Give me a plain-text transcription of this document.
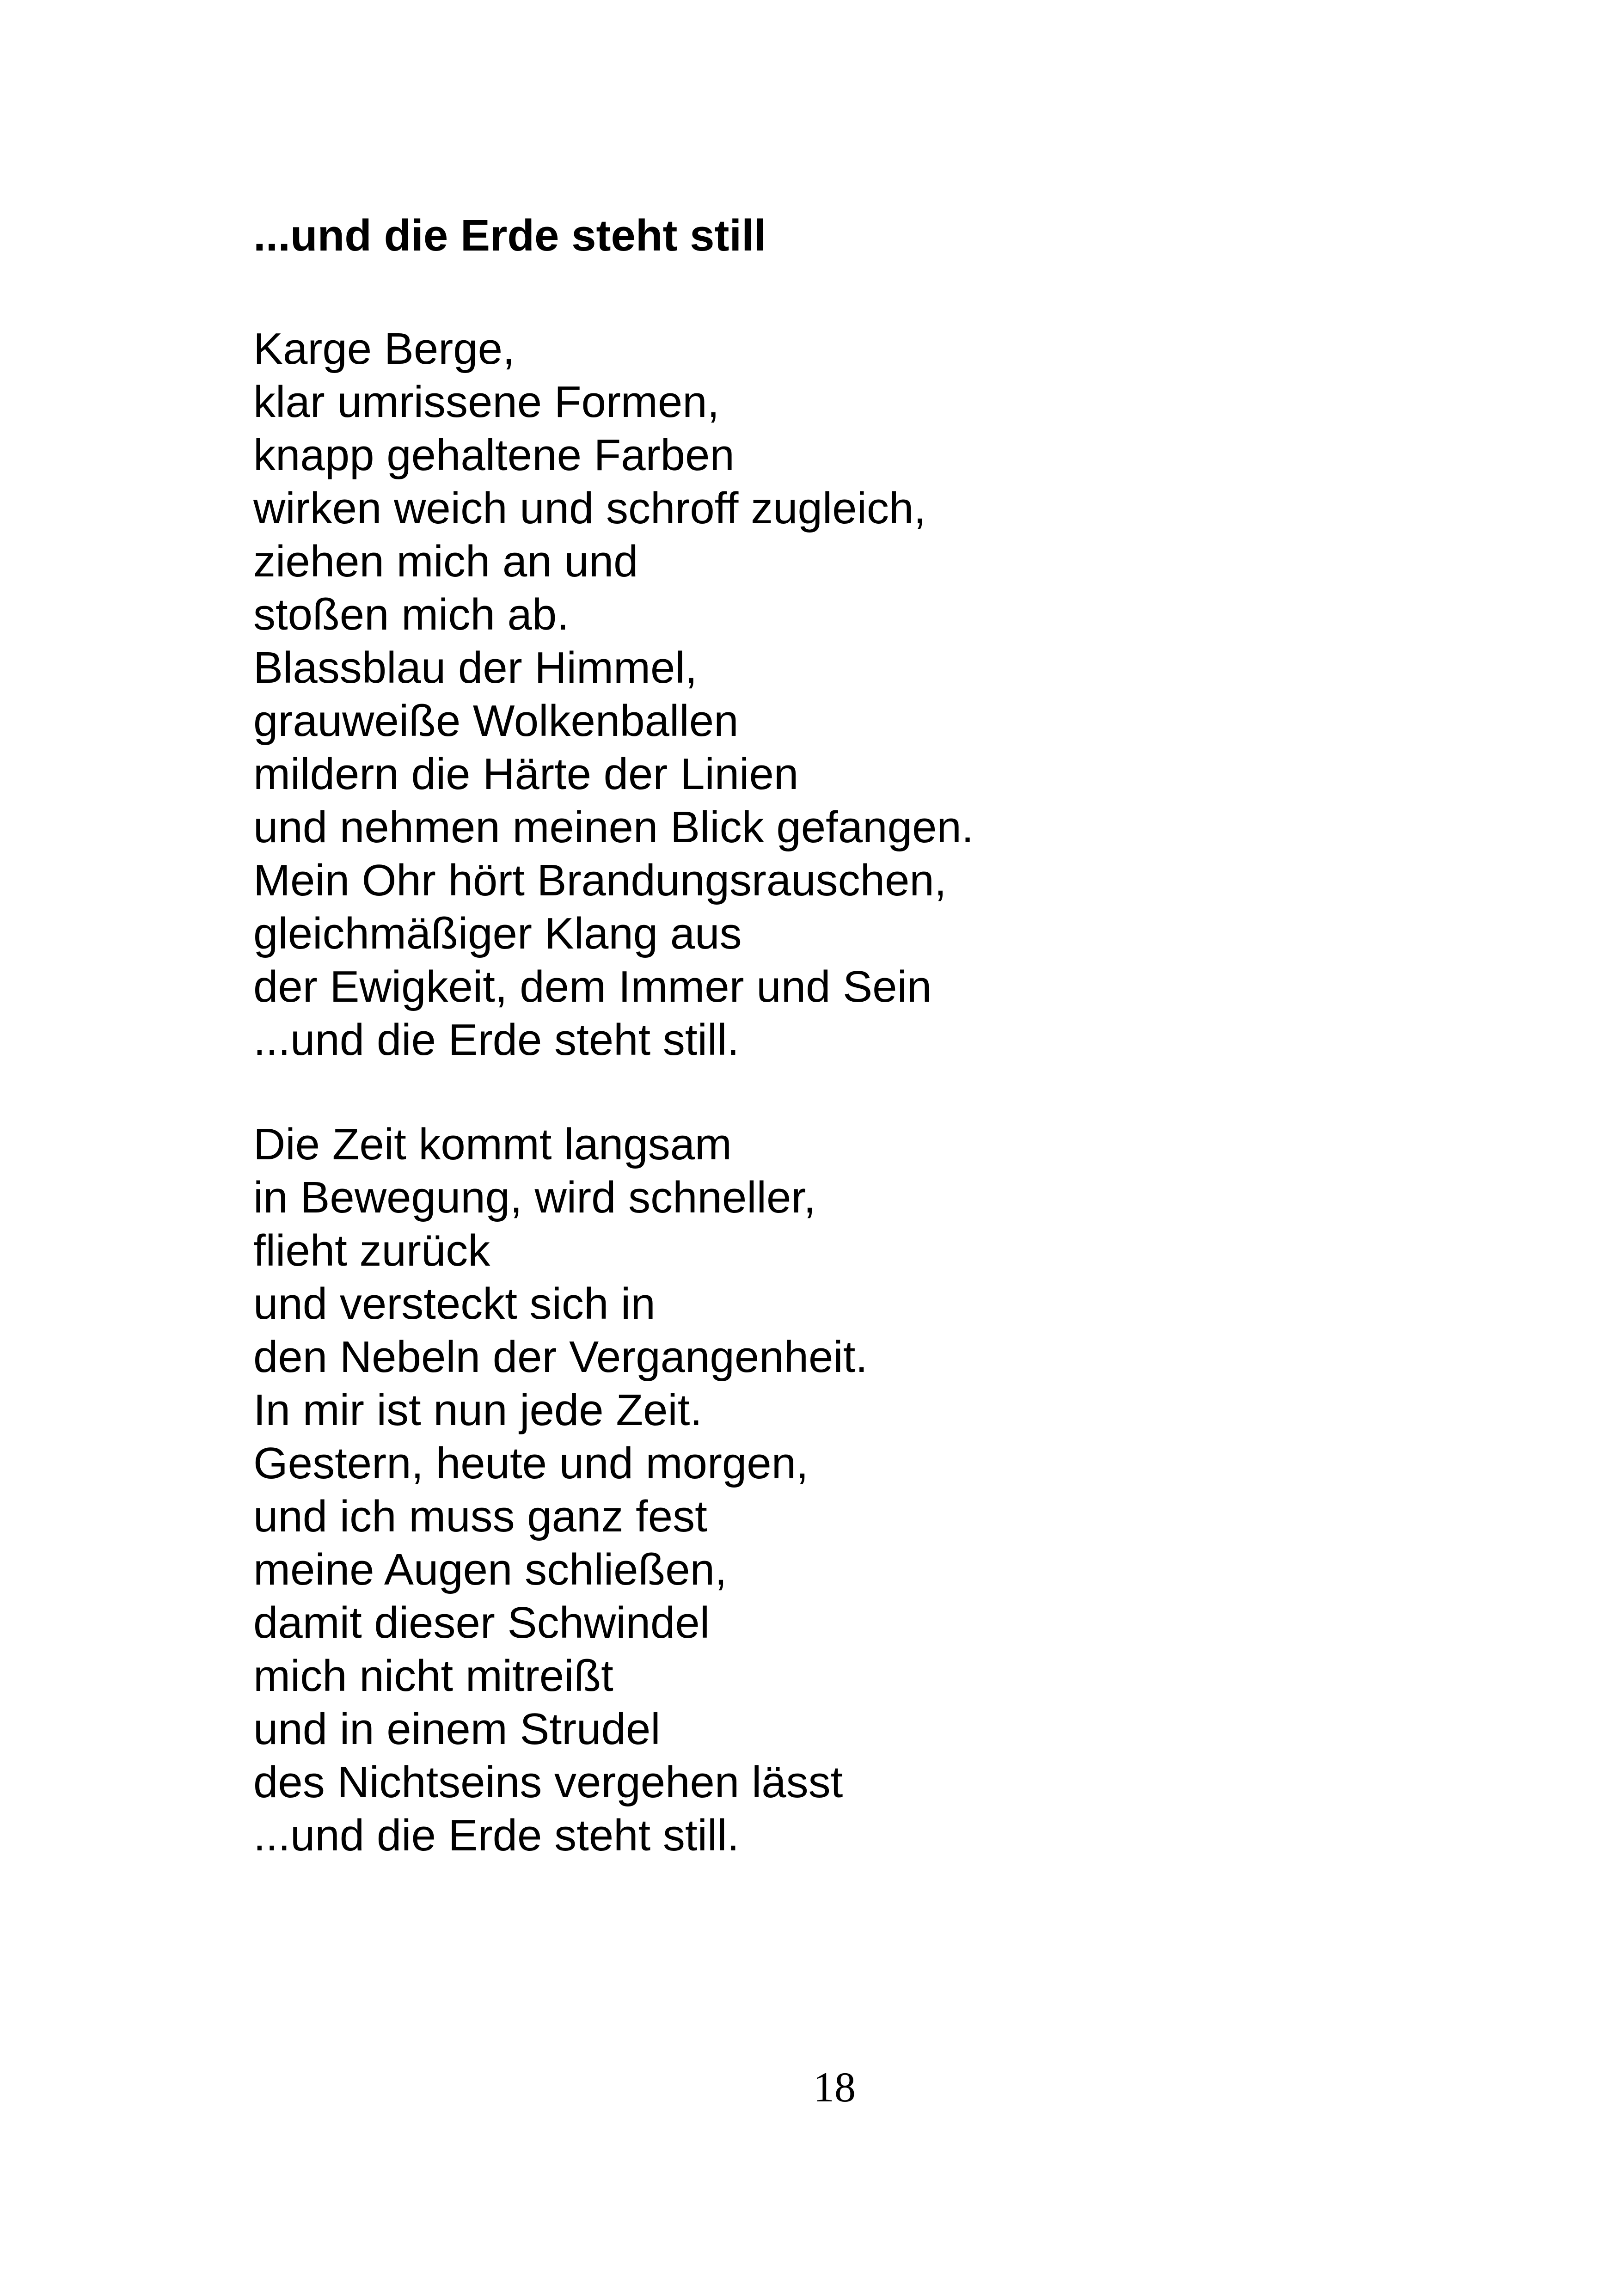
...und die Erde steht still
Karge Berge,
klar umrissene Formen,
knapp gehaltene Farben
wirken weich und schroff zugleich,
ziehen mich an und
stoßen mich ab.
Blassblau der Himmel,
grauweiße Wolkenballen
mildern die Härte der Linien
und nehmen meinen Blick gefangen.
Mein Ohr hört Brandungsrauschen,
gleichmäßiger Klang aus
der Ewigkeit, dem Immer und Sein
...und die Erde steht still.
Die Zeit kommt langsam
in Bewegung, wird schneller,
flieht zurück
und versteckt sich in
den Nebeln der Vergangenheit.
In mir ist nun jede Zeit.
Gestern, heute und morgen,
und ich muss ganz fest
meine Augen schließen,
damit dieser Schwindel
mich nicht mitreißt
und in einem Strudel
des Nichtseins vergehen lässt
...und die Erde steht still.

18
